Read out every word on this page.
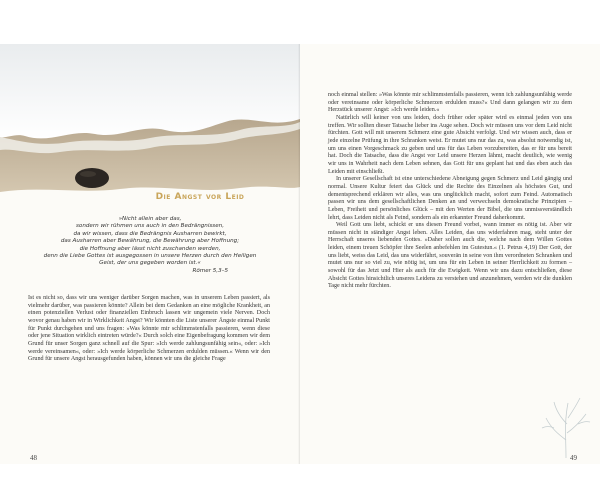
Die Angst vor Leid
»Nicht allein aber das,
sondern wir rühmen uns auch in den Bedrängnissen,
da wir wissen, dass die Bedrängnis Ausharren bewirkt,
das Ausharren aber Bewährung, die Bewährung aber Hoffnung;
die Hoffnung aber lässt nicht zuschanden werden,
denn die Liebe Gottes ist ausgegossen in unsere Herzen durch den Heiligen
Geist, der uns gegeben worden ist.«
Römer 5,3–5

Ist es nicht so, dass wir uns weniger darüber Sorgen machen, was in unserem Leben passiert, als vielmehr darüber, was passieren könnte? Allein bei dem Gedanken an eine mögliche Krankheit, an einen potenziellen Verlust oder finanziellen Einbruch lassen wir ungemein viele Nerven. Doch wovor genau haben wir in Wirklichkeit Angst? Wir könnten die Liste unserer Ängste einmal Punkt für Punkt durchgehen und uns fragen: »Was könnte mir schlimmstenfalls passieren, wenn diese oder jene Situation wirklich eintreten würde?« Durch solch eine Eigenbefragung kommen wir dem Grund für unser Sorgen ganz schnell auf die Spur: »Ich werde zahlungsunfähig sein«, oder: »Ich werde vereinsamen«, oder: »Ich werde körperliche Schmerzen erdulden müssen.« Wenn wir den Grund für unsere Angst herausgefunden haben, können wir uns die gleiche Frage

48

noch einmal stellen: »Was könnte mir schlimmstenfalls passieren, wenn ich zahlungsunfähig werde oder vereinsame oder körperliche Schmerzen erdulden muss?« Und dann gelangen wir zu dem Herzstück unserer Angst: »Ich werde leiden.«

Natürlich will keiner von uns leiden, doch früher oder später wird es einmal jeden von uns treffen. Wir sollten dieser Tatsache lieber ins Auge sehen. Doch wir müssen uns vor dem Leid nicht fürchten. Gott will mit unserem Schmerz eine gute Absicht verfolgt. Und wir wissen auch, dass er jede einzelne Prüfung in ihre Schranken weist. Er mutet uns nur das zu, was absolut notwendig ist, um uns einen Vorgeschmack zu geben und uns für das Leben vorzubereiten, das er für uns bereit hat. Doch die Tatsache, dass die Angst vor Leid unsere Herzen lähmt, macht deutlich, wie wenig wir uns in Wahrheit nach dem Leben sehnen, das Gott für uns geplant hat und das eben auch das Leiden mit einschließt.

In unserer Gesellschaft ist eine unterschiedene Abneigung gegen Schmerz und Leid gängig und normal. Unsere Kultur feiert das Glück und die Rechte des Einzelnen als höchstes Gut, und dementsprechend erklären wir alles, was uns unglücklich macht, sofort zum Feind. Automatisch passen wir uns dem gesellschaftlichen Denken an und verwechseln demokratische Prinzipien – Leben, Freiheit und persönliches Glück – mit den Werten der Bibel, die uns unmissverständlich lehrt, dass Leiden nicht als Feind, sondern als ein erkannter Freund daherkommt.

Weil Gott uns liebt, schickt er uns diesen Freund vorbei, wann immer es nötig ist. Aber wir müssen nicht in ständiger Angst leben. Alles Leiden, das uns widerfahren mag, steht unter der Herrschaft unseres liebenden Gottes. »Daher sollen auch die, welche nach dem Willen Gottes leiden, einem treuen Schöpfer ihre Seelen anbefehlen im Gutestun.« (1. Petrus 4,19) Der Gott, der uns liebt, weiss das Leid, das uns widerfährt, souverän in seine von ihm verordneten Schranken und mutet uns nur so viel zu, wie nötig ist, um uns für ein Leben in seiner Herrlichkeit zu formen – sowohl für das Jetzt und Hier als auch für die Ewigkeit. Wenn wir uns dazu entschließen, diese Absicht Gottes hinsichtlich unseres Leidens zu verstehen und anzunehmen, werden wir die dunklen Tage nicht mehr fürchten.

49
